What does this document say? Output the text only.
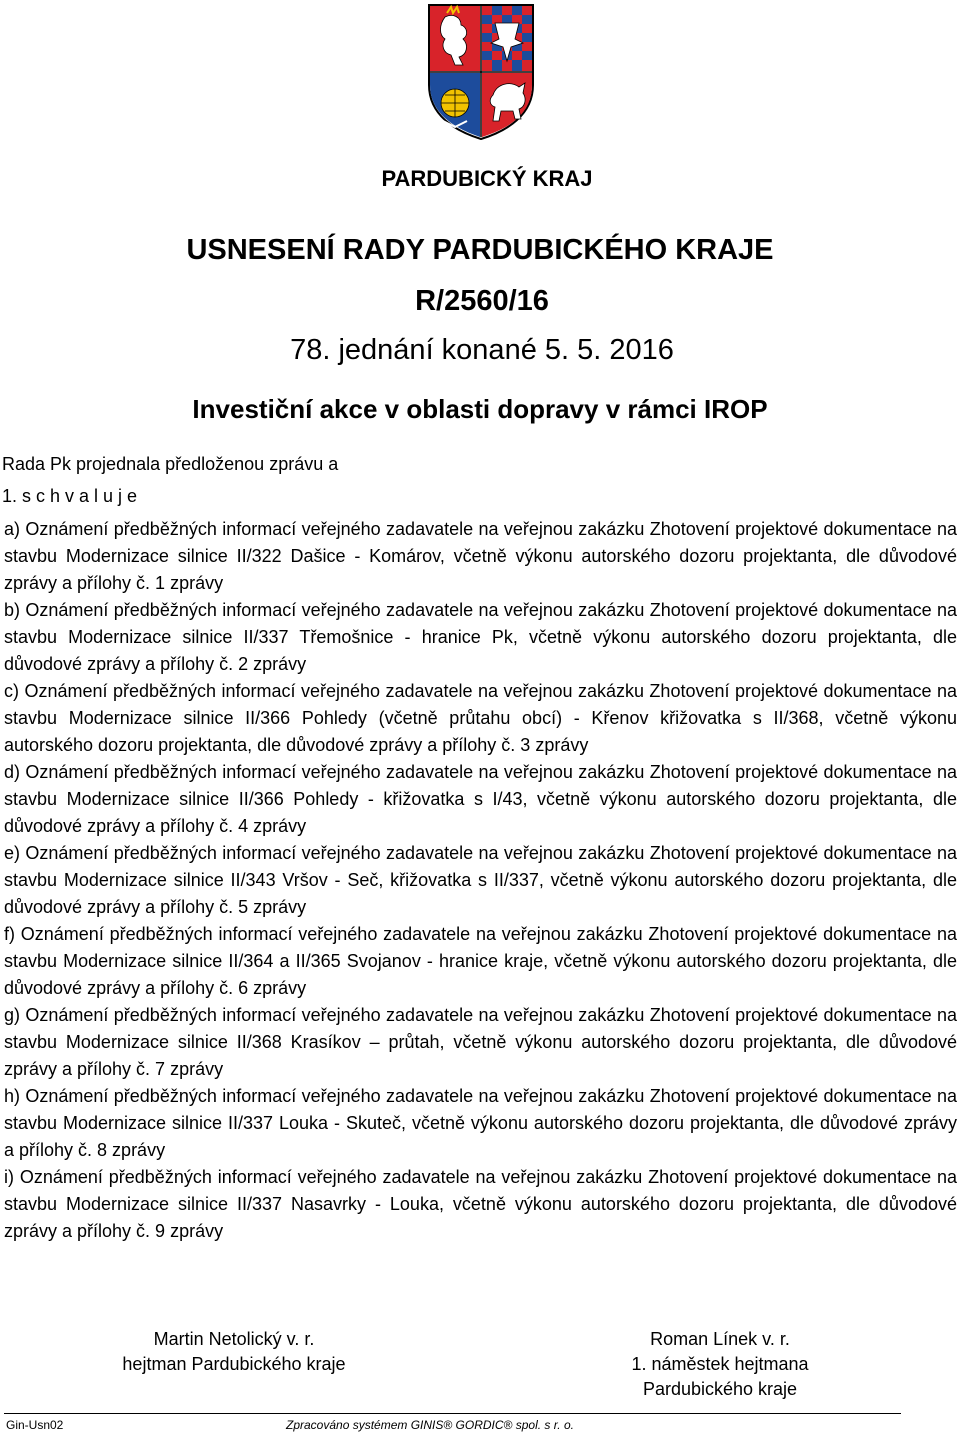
PARDUBICKÝ KRAJ
USNESENÍ RADY PARDUBICKÉHO KRAJE
R/2560/16
78. jednání konané 5. 5. 2016
Investiční akce v oblasti dopravy v rámci IROP
Rada Pk projednala předloženou zprávu a
1. s c h v a l u j e

a) Oznámení předběžných informací veřejného zadavatele na veřejnou zakázku Zhotovení projektové dokumentace na stavbu Modernizace silnice II/322 Dašice - Komárov, včetně výkonu autorského dozoru projektanta, dle důvodové zprávy a přílohy č. 1 zprávy

b) Oznámení předběžných informací veřejného zadavatele na veřejnou zakázku Zhotovení projektové dokumentace na stavbu Modernizace silnice II/337 Třemošnice - hranice Pk, včetně výkonu autorského dozoru projektanta, dle důvodové zprávy a přílohy č. 2 zprávy

c) Oznámení předběžných informací veřejného zadavatele na veřejnou zakázku Zhotovení projektové dokumentace na stavbu Modernizace silnice II/366 Pohledy (včetně průtahu obcí) - Křenov křižovatka s II/368, včetně výkonu autorského dozoru projektanta, dle důvodové zprávy a přílohy č. 3 zprávy

d) Oznámení předběžných informací veřejného zadavatele na veřejnou zakázku Zhotovení projektové dokumentace na stavbu Modernizace silnice II/366 Pohledy - křižovatka s I/43, včetně výkonu autorského dozoru projektanta, dle důvodové zprávy a přílohy č. 4 zprávy

e) Oznámení předběžných informací veřejného zadavatele na veřejnou zakázku Zhotovení projektové dokumentace na stavbu Modernizace silnice II/343 Vršov - Seč, křižovatka s II/337, včetně výkonu autorského dozoru projektanta, dle důvodové zprávy a přílohy č. 5 zprávy

f) Oznámení předběžných informací veřejného zadavatele na veřejnou zakázku Zhotovení projektové dokumentace na stavbu Modernizace silnice II/364 a II/365 Svojanov - hranice kraje, včetně výkonu autorského dozoru projektanta, dle důvodové zprávy a přílohy č. 6 zprávy

g) Oznámení předběžných informací veřejného zadavatele na veřejnou zakázku Zhotovení projektové dokumentace na stavbu Modernizace silnice II/368 Krasíkov – průtah, včetně výkonu autorského dozoru projektanta, dle důvodové zprávy a přílohy č. 7 zprávy

h) Oznámení předběžných informací veřejného zadavatele na veřejnou zakázku Zhotovení projektové dokumentace na stavbu Modernizace silnice II/337 Louka - Skuteč, včetně výkonu autorského dozoru projektanta, dle důvodové zprávy a přílohy č. 8 zprávy

i) Oznámení předběžných informací veřejného zadavatele na veřejnou zakázku Zhotovení projektové dokumentace na stavbu Modernizace silnice II/337 Nasavrky - Louka, včetně výkonu autorského dozoru projektanta, dle důvodové zprávy a přílohy č. 9 zprávy

Martin Netolický v. r.
hejtman Pardubického kraje
Roman Línek v. r.
1. náměstek hejtmana
Pardubického kraje
Gin-Usn02	Zpracováno systémem GINIS® GORDIC® spol. s r. o.
